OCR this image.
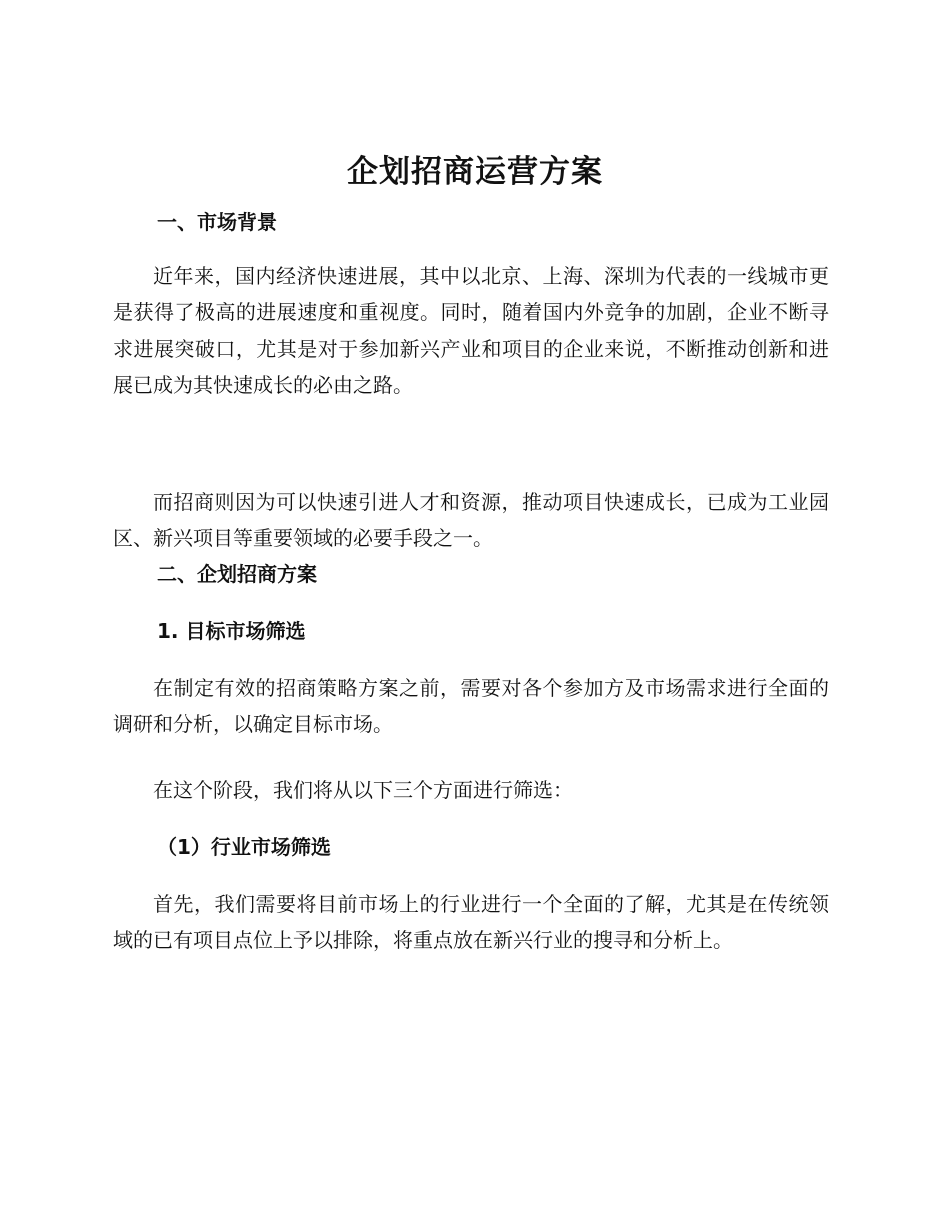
企划招商运营方案
一、市场背景

近年来，国内经济快速进展，其中以北京、上海、深圳为代表的一线城市更是获得了极高的进展速度和重视度。同时，随着国内外竞争的加剧，企业不断寻求进展突破口，尤其是对于参加新兴产业和项目的企业来说，不断推动创新和进展已成为其快速成长的必由之路。

而招商则因为可以快速引进人才和资源，推动项目快速成长，已成为工业园区、新兴项目等重要领域的必要手段之一。

二、企划招商方案
1. 目标市场筛选

在制定有效的招商策略方案之前，需要对各个参加方及市场需求进行全面的调研和分析，以确定目标市场。

在这个阶段，我们将从以下三个方面进行筛选：

（1）行业市场筛选

首先，我们需要将目前市场上的行业进行一个全面的了解，尤其是在传统领域的已有项目点位上予以排除，将重点放在新兴行业的搜寻和分析上。
